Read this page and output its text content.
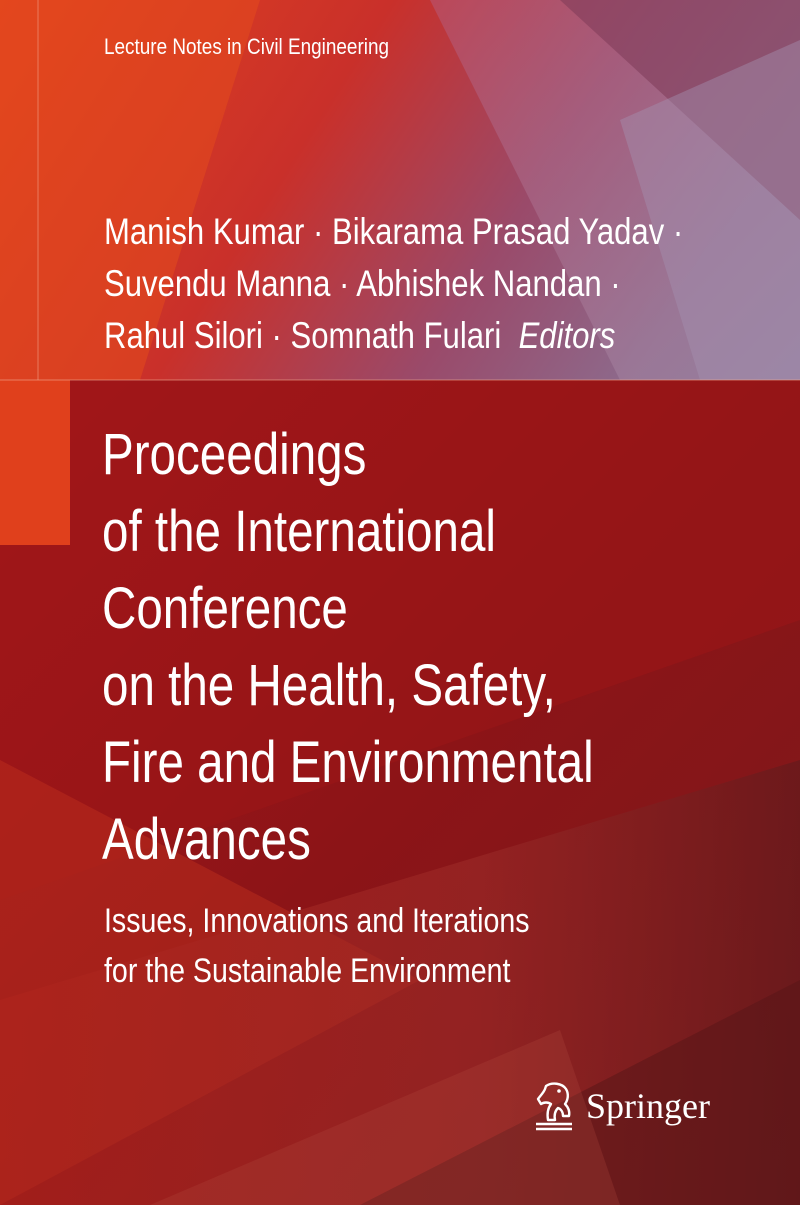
Lecture Notes in Civil Engineering
Manish Kumar · Bikarama Prasad Yadav ·
Suvendu Manna · Abhishek Nandan ·
Rahul Silori · Somnath Fulari Editors
Proceedings
of the International
Conference
on the Health, Safety,
Fire and Environmental
Advances
Issues, Innovations and Iterations
for the Sustainable Environment
Springer
